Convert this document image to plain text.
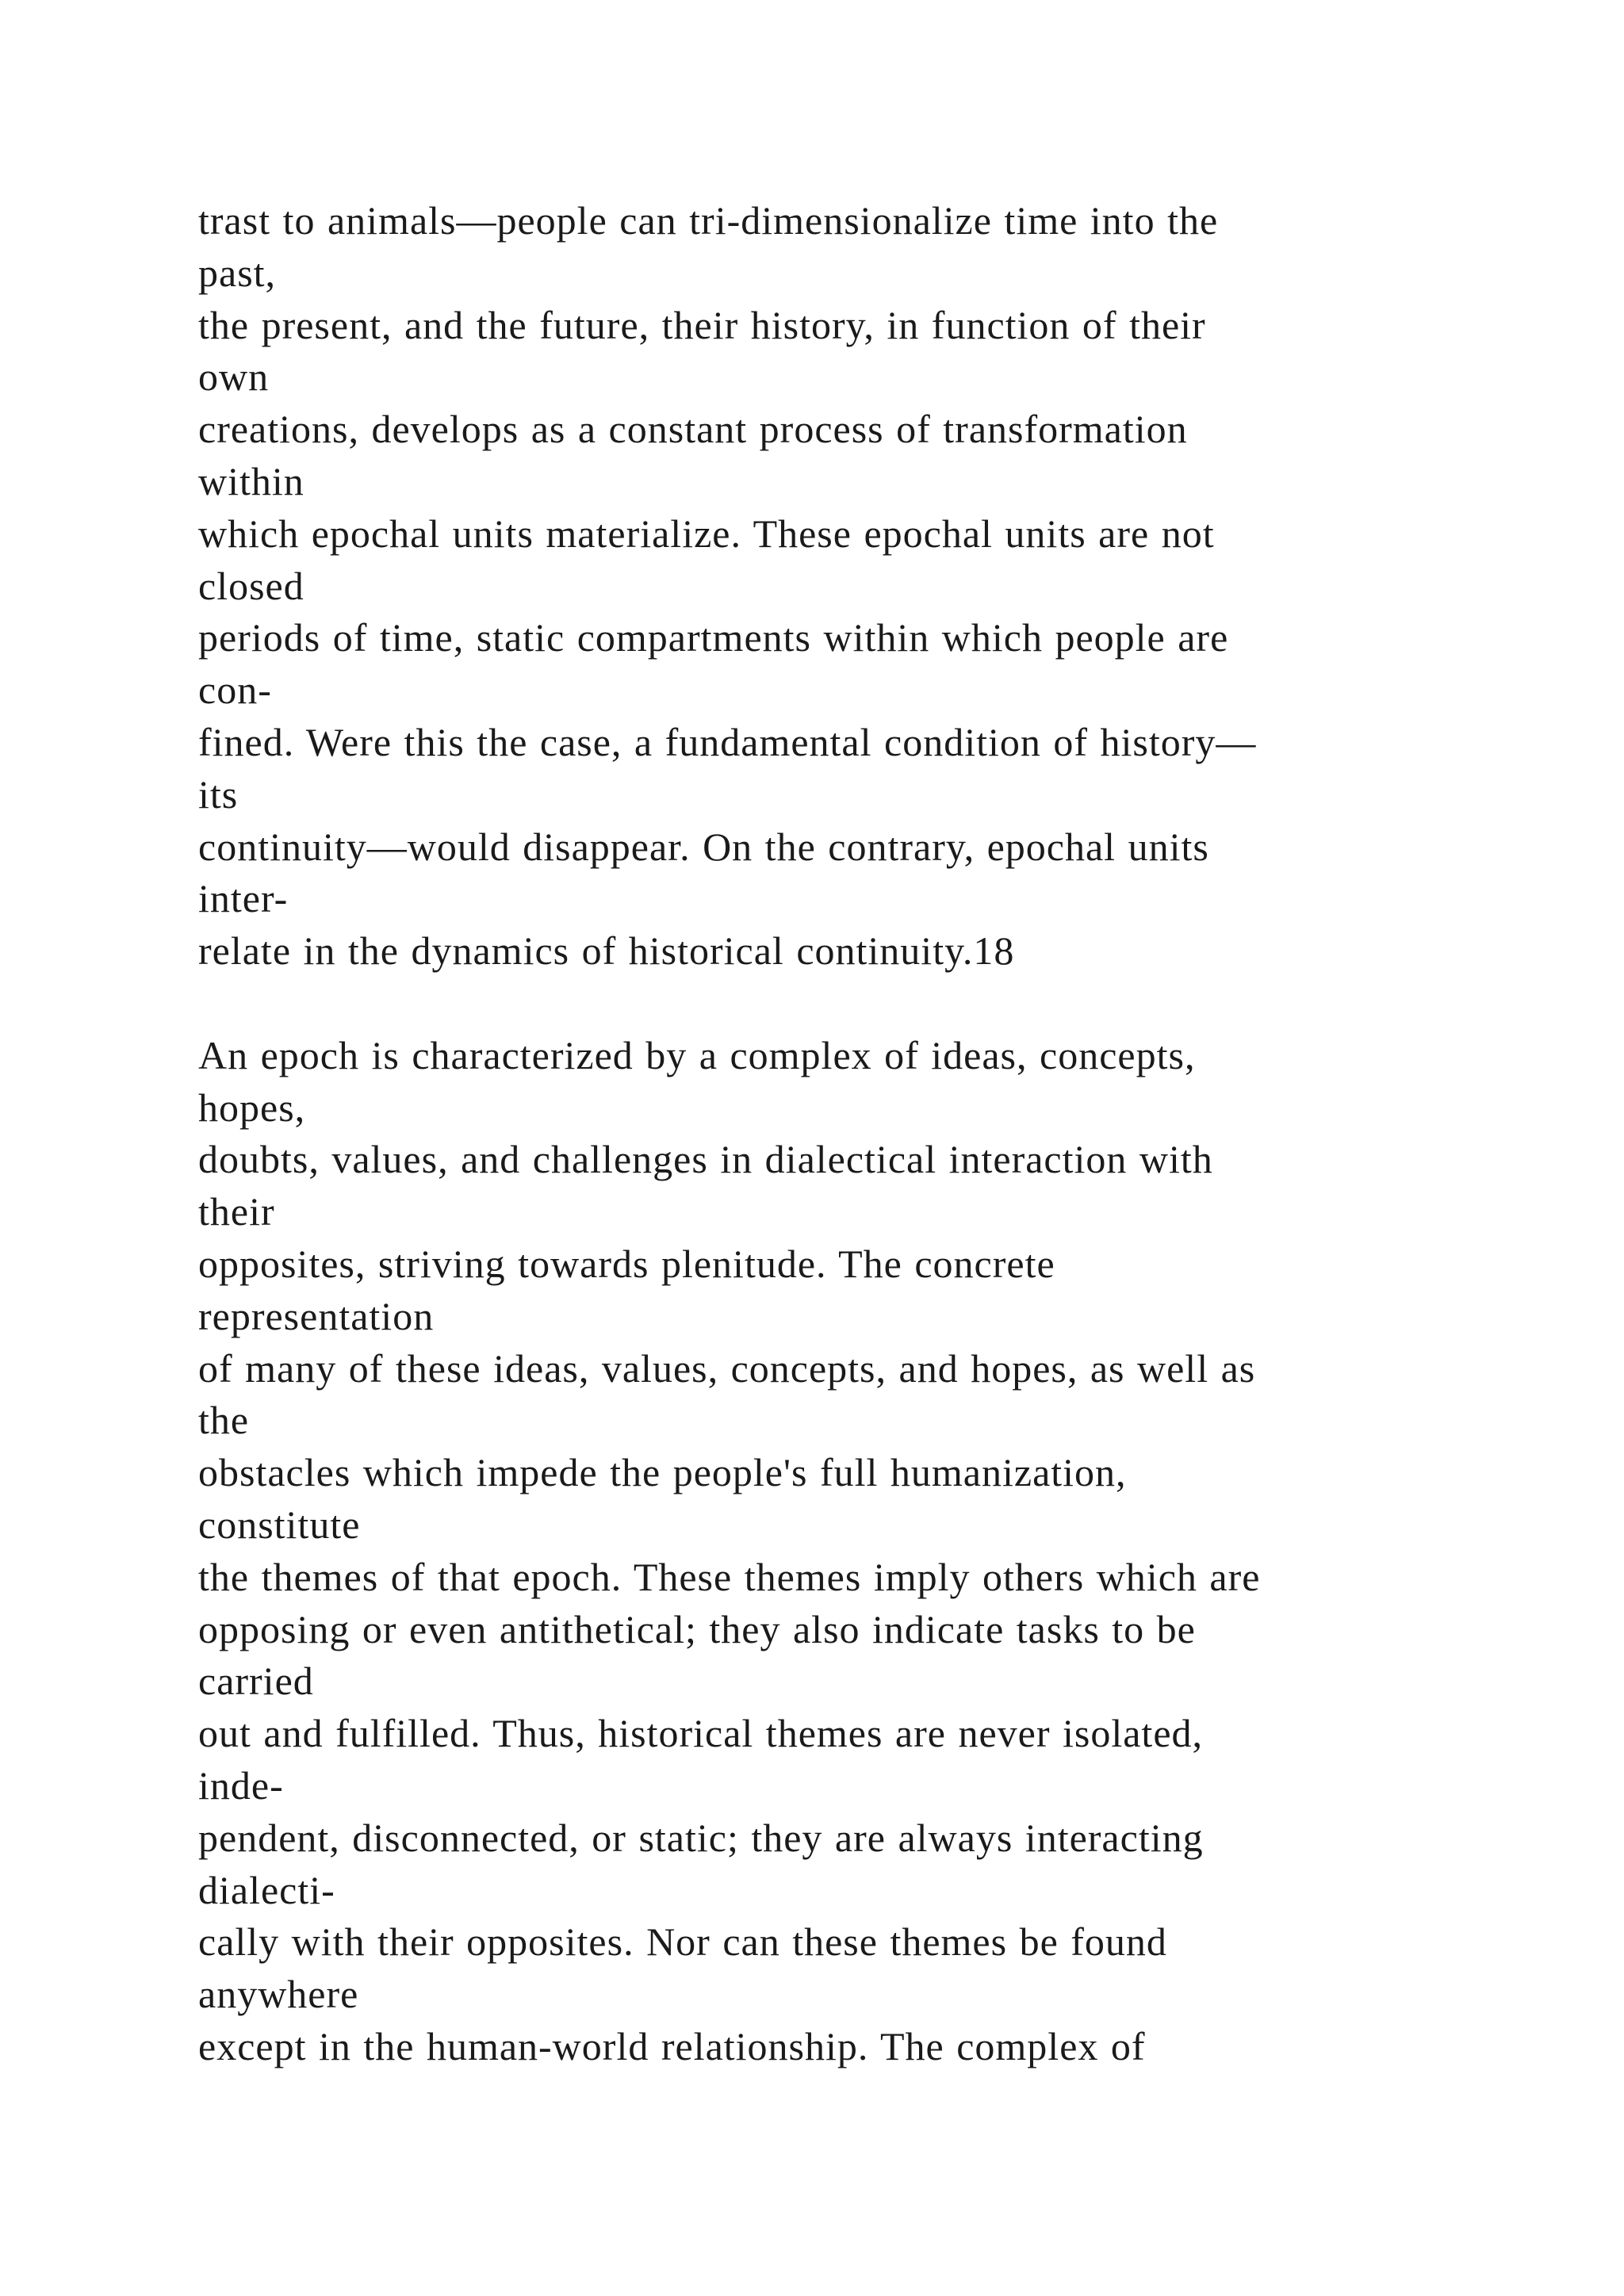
trast to animals—people can tri-dimensionalize time into the
past,
the present, and the future, their history, in function of their
own
creations, develops as a constant process of transformation
within
which epochal units materialize. These epochal units are not
closed
periods of time, static compartments within which people are
con-
fined. Were this the case, a fundamental condition of history—
its
continuity—would disappear. On the contrary, epochal units
inter-
relate in the dynamics of historical continuity.18
An epoch is characterized by a complex of ideas, concepts,
hopes,
doubts, values, and challenges in dialectical interaction with
their
opposites, striving towards plenitude. The concrete
representation
of many of these ideas, values, concepts, and hopes, as well as
the
obstacles which impede the people's full humanization,
constitute
the themes of that epoch. These themes imply others which are
opposing or even antithetical; they also indicate tasks to be
carried
out and fulfilled. Thus, historical themes are never isolated,
inde-
pendent, disconnected, or static; they are always interacting
dialecti-
cally with their opposites. Nor can these themes be found
anywhere
except in the human-world relationship. The complex of
